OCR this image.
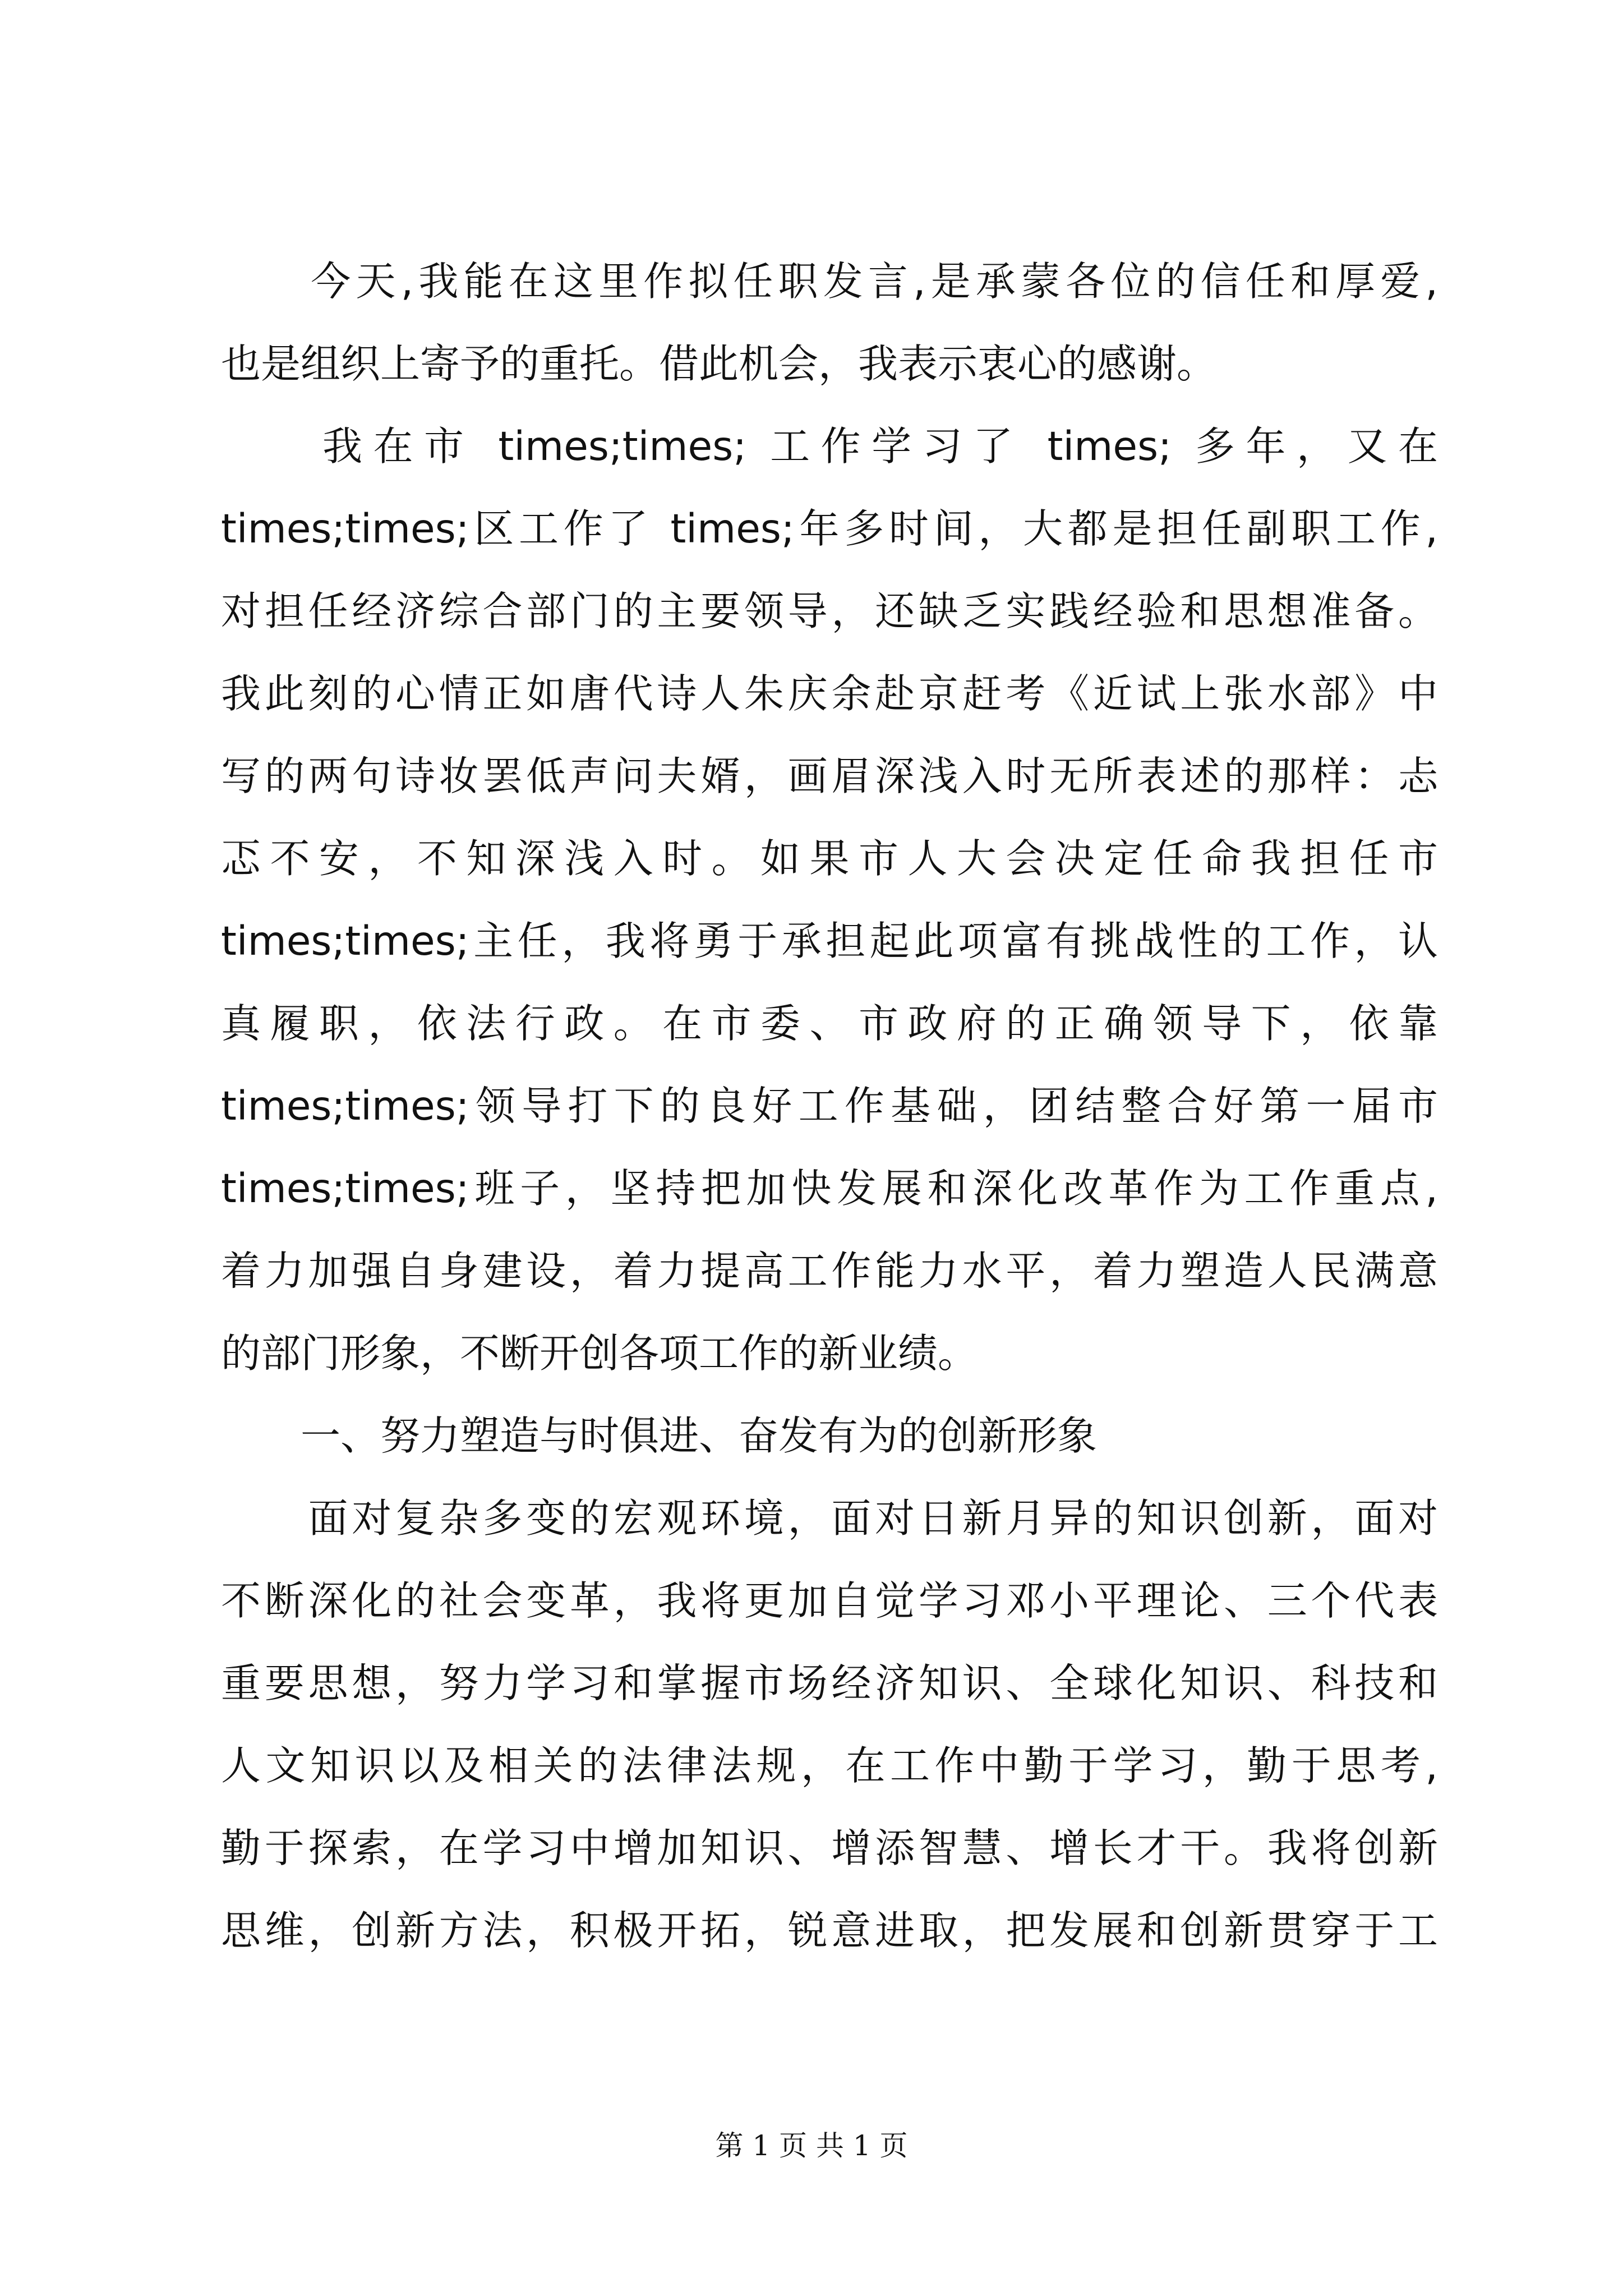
　　今天,我能在这里作拟任职发言,是承蒙各位的信任和厚爱,
也是组织上寄予的重托。借此机会，我表示衷心的感谢。
　　我在市 times;times; 工作学习了 times; 多年，又在
times;times;区工作了 times;年多时间，大都是担任副职工作,
对担任经济综合部门的主要领导，还缺乏实践经验和思想准备。
我此刻的心情正如唐代诗人朱庆余赴京赶考《近试上张水部》中
写的两句诗妆罢低声问夫婿，画眉深浅入时无所表述的那样：忐
忑不安，不知深浅入时。如果市人大会决定任命我担任市
times;times;主任，我将勇于承担起此项富有挑战性的工作，认
真履职，依法行政。在市委、市政府的正确领导下，依靠
times;times;领导打下的良好工作基础，团结整合好第一届市
times;times;班子，坚持把加快发展和深化改革作为工作重点,
着力加强自身建设，着力提高工作能力水平，着力塑造人民满意
的部门形象，不断开创各项工作的新业绩。
　　一、努力塑造与时俱进、奋发有为的创新形象
　　面对复杂多变的宏观环境，面对日新月异的知识创新，面对
不断深化的社会变革，我将更加自觉学习邓小平理论、三个代表
重要思想，努力学习和掌握市场经济知识、全球化知识、科技和
人文知识以及相关的法律法规，在工作中勤于学习，勤于思考,
勤于探索，在学习中增加知识、增添智慧、增长才干。我将创新
思维，创新方法，积极开拓，锐意进取，把发展和创新贯穿于工
第 1 页 共 1 页
